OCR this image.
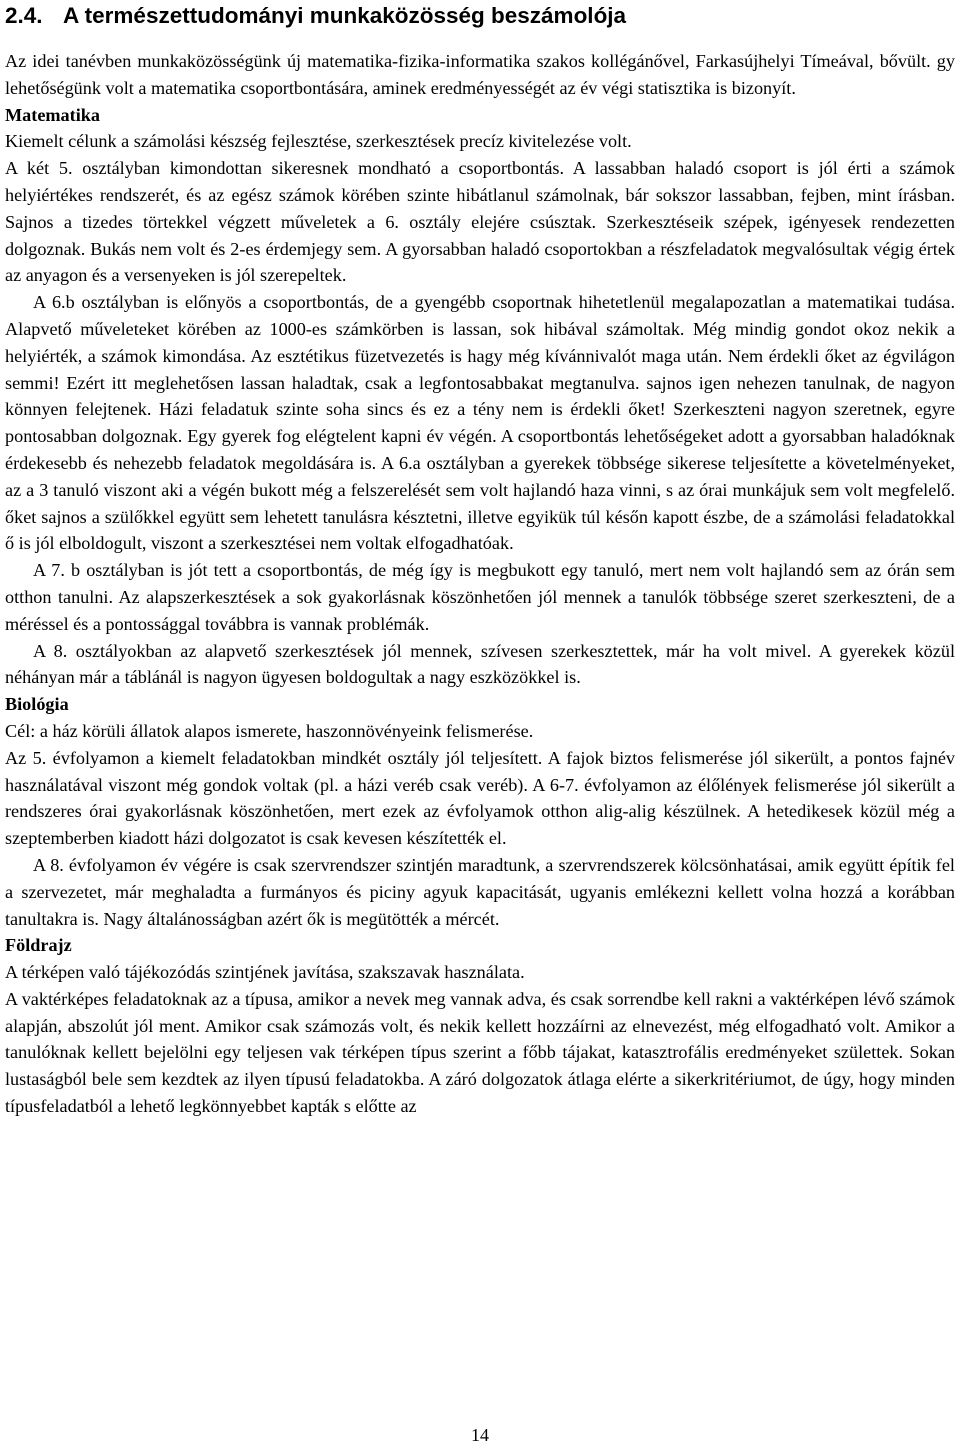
2.4. A természettudományi munkaközösség beszámolója

Az idei tanévben munkaközösségünk új matematika-fizika-informatika szakos kollégánővel, Farkasújhelyi Tímeával, bővült. gy lehetőségünk volt a matematika csoportbontására, aminek eredményességét az év végi statisztika is bizonyít.

Matematika

Kiemelt célunk a számolási készség fejlesztése, szerkesztések precíz kivitelezése volt.

A két 5. osztályban kimondottan sikeresnek mondható a csoportbontás. A lassabban haladó csoport is jól érti a számok helyiértékes rendszerét, és az egész számok körében szinte hibátlanul számolnak, bár sokszor lassabban, fejben, mint írásban. Sajnos a tizedes törtekkel végzett műveletek a 6. osztály elejére csúsztak. Szerkesztéseik szépek, igényesek rendezetten dolgoznak. Bukás nem volt és 2-es érdemjegy sem. A gyorsabban haladó csoportokban a részfeladatok megvalósultak végig értek az anyagon és a versenyeken is jól szerepeltek.

A 6.b osztályban is előnyös a csoportbontás, de a gyengébb csoportnak hihetetlenül megalapozatlan a matematikai tudása. Alapvető műveleteket körében az 1000-es számkörben is lassan, sok hibával számoltak. Még mindig gondot okoz nekik a helyiérték, a számok kimondása. Az esztétikus füzetvezetés is hagy még kívánnivalót maga után. Nem érdekli őket az égvilágon semmi! Ezért itt meglehetősen lassan haladtak, csak a legfontosabbakat megtanulva. sajnos igen nehezen tanulnak, de nagyon könnyen felejtenek. Házi feladatuk szinte soha sincs és ez a tény nem is érdekli őket! Szerkeszteni nagyon szeretnek, egyre pontosabban dolgoznak. Egy gyerek fog elégtelent kapni év végén. A csoportbontás lehetőségeket adott a gyorsabban haladóknak érdekesebb és nehezebb feladatok megoldására is. A 6.a osztályban a gyerekek többsége sikerese teljesítette a követelményeket, az a 3 tanuló viszont aki a végén bukott még a felszerelését sem volt hajlandó haza vinni, s az órai munkájuk sem volt megfelelő. őket sajnos a szülőkkel együtt sem lehetett tanulásra késztetni, illetve egyikük túl későn kapott észbe, de a számolási feladatokkal ő is jól elboldogult, viszont a szerkesztései nem voltak elfogadhatóak.

A 7. b osztályban is jót tett a csoportbontás, de még így is megbukott egy tanuló, mert nem volt hajlandó sem az órán sem otthon tanulni. Az alapszerkesztések a sok gyakorlásnak köszönhetően jól mennek a tanulók többsége szeret szerkeszteni, de a méréssel és a pontossággal továbbra is vannak problémák.

A 8. osztályokban az alapvető szerkesztések jól mennek, szívesen szerkesztettek, már ha volt mivel. A gyerekek közül néhányan már a táblánál is nagyon ügyesen boldogultak a nagy eszközökkel is.

Biológia

Cél: a ház körüli állatok alapos ismerete, haszonnövényeink felismerése.

Az 5. évfolyamon a kiemelt feladatokban mindkét osztály jól teljesített. A fajok biztos felismerése jól sikerült, a pontos fajnév használatával viszont még gondok voltak (pl. a házi veréb csak veréb). A 6-7. évfolyamon az élőlények felismerése jól sikerült a rendszeres órai gyakorlásnak köszönhetően, mert ezek az évfolyamok otthon alig-alig készülnek. A hetedikesek közül még a szeptemberben kiadott házi dolgozatot is csak kevesen készítették el.

A 8. évfolyamon év végére is csak szervrendszer szintjén maradtunk, a szervrendszerek kölcsönhatásai, amik együtt építik fel a szervezetet, már meghaladta a furmányos és piciny agyuk kapacitását, ugyanis emlékezni kellett volna hozzá a korábban tanultakra is. Nagy általánosságban azért ők is megütötték a mércét.

Földrajz

A térképen való tájékozódás szintjének javítása, szakszavak használata.

A vaktérképes feladatoknak az a típusa, amikor a nevek meg vannak adva, és csak sorrendbe kell rakni a vaktérképen lévő számok alapján, abszolút jól ment. Amikor csak számozás volt, és nekik kellett hozzáírni az elnevezést, még elfogadható volt. Amikor a tanulóknak kellett bejelölni egy teljesen vak térképen típus szerint a főbb tájakat, katasztrofális eredményeket születtek. Sokan lustaságból bele sem kezdtek az ilyen típusú feladatokba. A záró dolgozatok átlaga elérte a sikerkritériumot, de úgy, hogy minden típusfeladatból a lehető legkönnyebbet kapták s előtte az

14
